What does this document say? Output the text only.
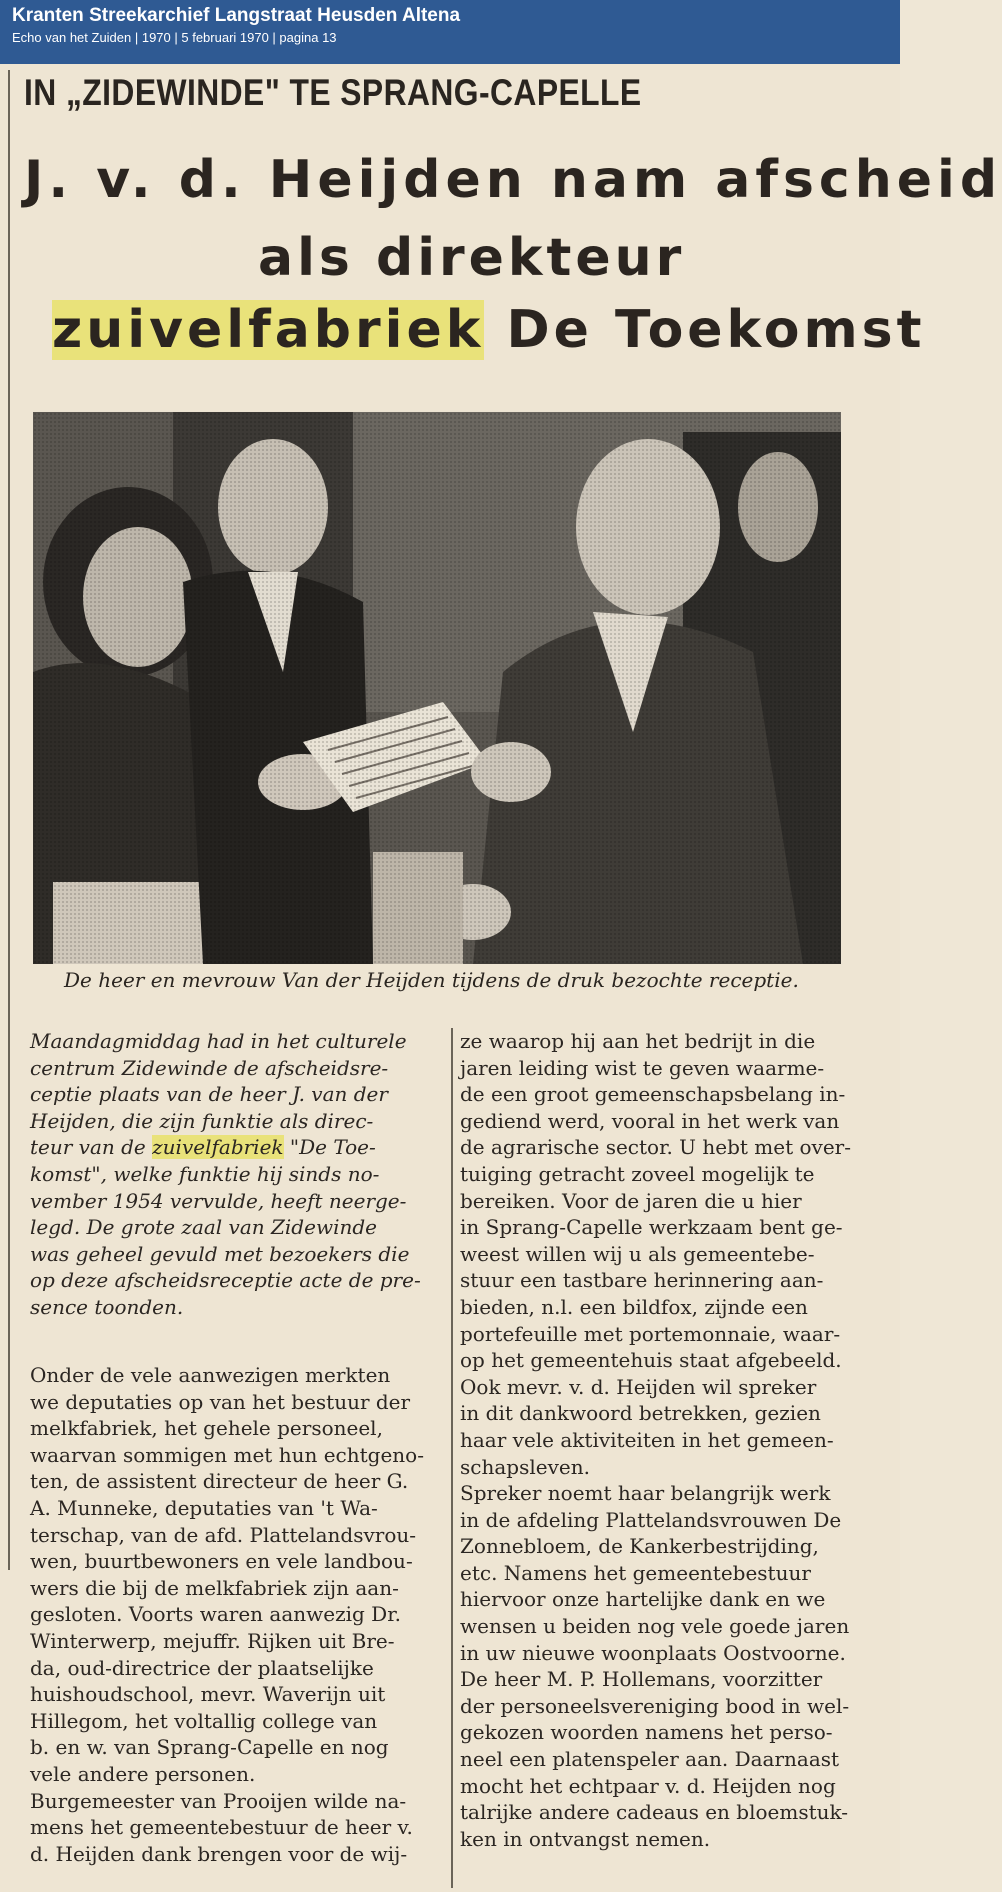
Kranten Streekarchief Langstraat Heusden Altena
Echo van het Zuiden | 1970 | 5 februari 1970 | pagina 13
IN „ZIDEWINDE" TE SPRANG-CAPELLE
J. v. d. Heijden nam afscheid
als direkteur
zuivelfabriek De Toekomst
De heer en mevrouw Van der Heijden tijdens de druk bezochte receptie.
Maandagmiddag had in het culturele
centrum Zidewinde de afscheidsre-
ceptie plaats van de heer J. van der
Heijden, die zijn funktie als direc-
teur van de zuivelfabriek "De Toe-
komst", welke funktie hij sinds no-
vember 1954 vervulde, heeft neerge-
legd. De grote zaal van Zidewinde
was geheel gevuld met bezoekers die
op deze afscheidsreceptie acte de pre-
sence toonden.
Onder de vele aanwezigen merkten
we deputaties op van het bestuur der
melkfabriek, het gehele personeel,
waarvan sommigen met hun echtgeno-
ten, de assistent directeur de heer G.
A. Munneke, deputaties van 't Wa-
terschap, van de afd. Plattelandsvrou-
wen, buurtbewoners en vele landbou-
wers die bij de melkfabriek zijn aan-
gesloten. Voorts waren aanwezig Dr.
Winterwerp, mejuffr. Rijken uit Bre-
da, oud-directrice der plaatselijke
huishoudschool, mevr. Waverijn uit
Hillegom, het voltallig college van
b. en w. van Sprang-Capelle en nog
vele andere personen.
Burgemeester van Prooijen wilde na-
mens het gemeentebestuur de heer v.
d. Heijden dank brengen voor de wij-
ze waarop hij aan het bedrijt in die
jaren leiding wist te geven waarme-
de een groot gemeenschapsbelang in-
gediend werd, vooral in het werk van
de agrarische sector. U hebt met over-
tuiging getracht zoveel mogelijk te
bereiken. Voor de jaren die u hier
in Sprang-Capelle werkzaam bent ge-
weest willen wij u als gemeentebe-
stuur een tastbare herinnering aan-
bieden, n.l. een bildfox, zijnde een
portefeuille met portemonnaie, waar-
op het gemeentehuis staat afgebeeld.
Ook mevr. v. d. Heijden wil spreker
in dit dankwoord betrekken, gezien
haar vele aktiviteiten in het gemeen-
schapsleven.
Spreker noemt haar belangrijk werk
in de afdeling Plattelandsvrouwen De
Zonnebloem, de Kankerbestrijding,
etc. Namens het gemeentebestuur
hiervoor onze hartelijke dank en we
wensen u beiden nog vele goede jaren
in uw nieuwe woonplaats Oostvoorne.
De heer M. P. Hollemans, voorzitter
der personeelsvereniging bood in wel-
gekozen woorden namens het perso-
neel een platenspeler aan. Daarnaast
mocht het echtpaar v. d. Heijden nog
talrijke andere cadeaus en bloemstuk-
ken in ontvangst nemen.
